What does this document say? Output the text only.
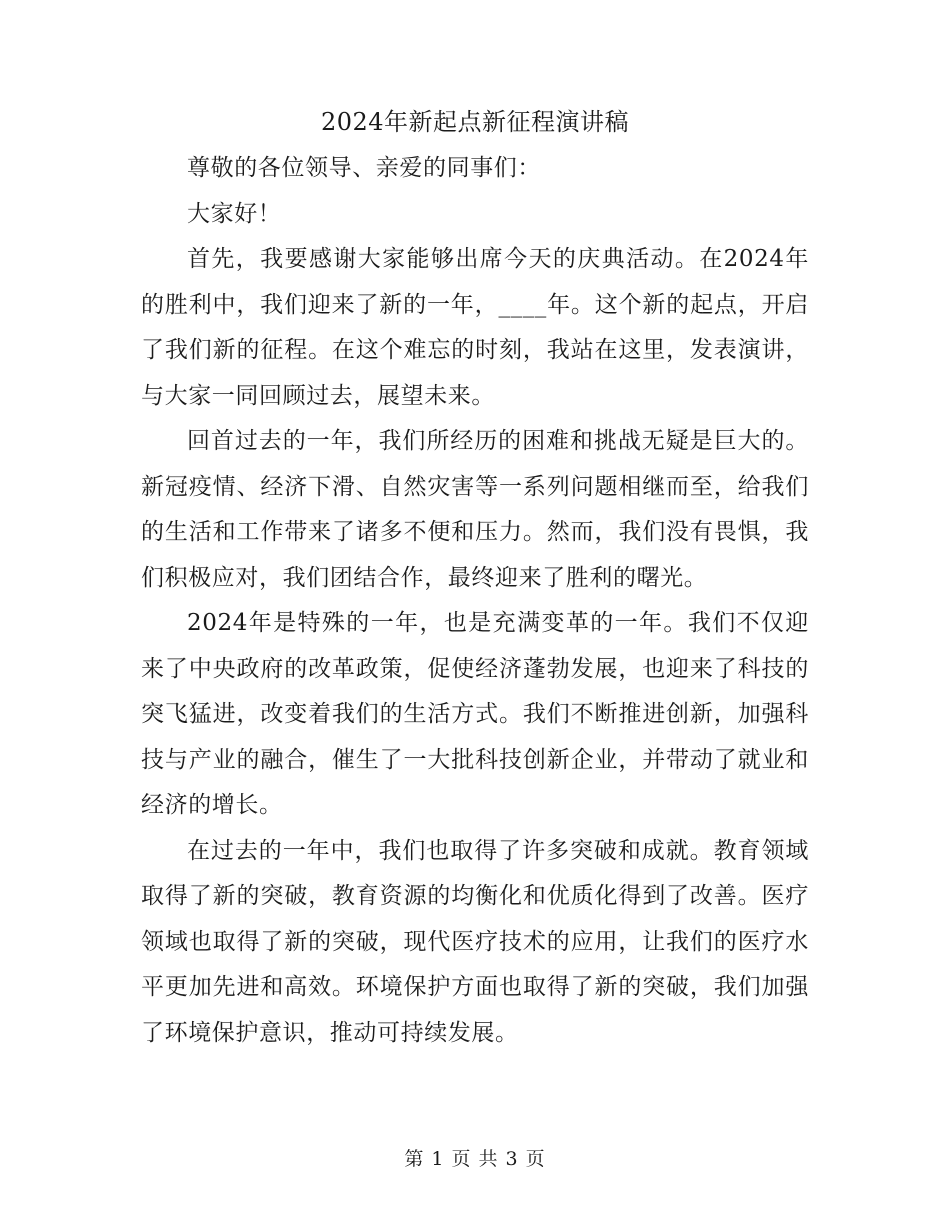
2024年新起点新征程演讲稿

尊敬的各位领导、亲爱的同事们：

大家好！

首先，我要感谢大家能够出席今天的庆典活动。在2024年的胜利中，我们迎来了新的一年，____年。这个新的起点，开启了我们新的征程。在这个难忘的时刻，我站在这里，发表演讲，与大家一同回顾过去，展望未来。

回首过去的一年，我们所经历的困难和挑战无疑是巨大的。新冠疫情、经济下滑、自然灾害等一系列问题相继而至，给我们的生活和工作带来了诸多不便和压力。然而，我们没有畏惧，我们积极应对，我们团结合作，最终迎来了胜利的曙光。

2024年是特殊的一年，也是充满变革的一年。我们不仅迎来了中央政府的改革政策，促使经济蓬勃发展，也迎来了科技的突飞猛进，改变着我们的生活方式。我们不断推进创新，加强科技与产业的融合，催生了一大批科技创新企业，并带动了就业和经济的增长。

在过去的一年中，我们也取得了许多突破和成就。教育领域取得了新的突破，教育资源的均衡化和优质化得到了改善。医疗领域也取得了新的突破，现代医疗技术的应用，让我们的医疗水平更加先进和高效。环境保护方面也取得了新的突破，我们加强了环境保护意识，推动可持续发展。

第 1 页 共 3 页
